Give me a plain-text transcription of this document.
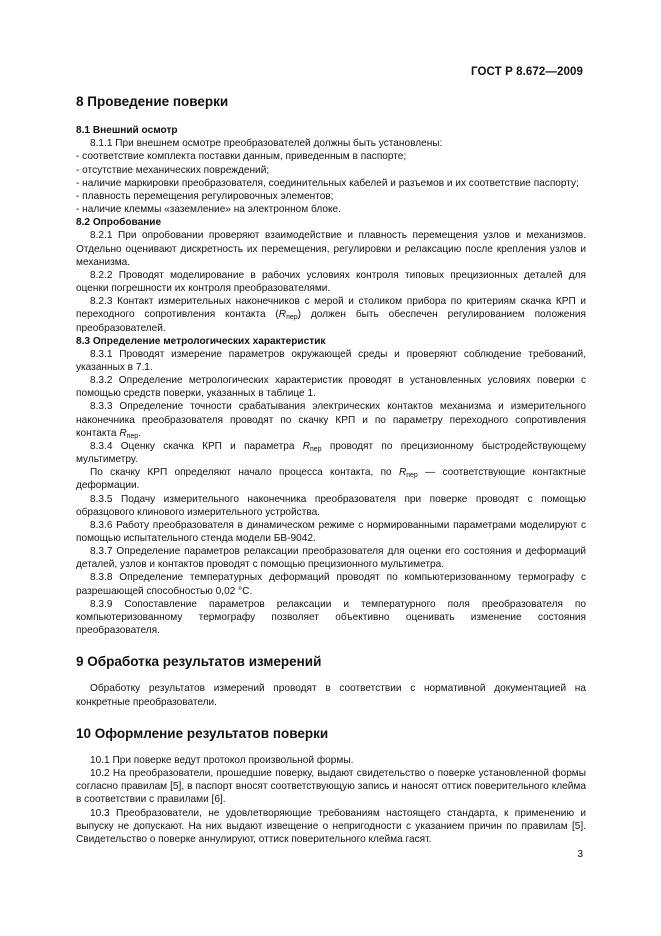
ГОСТ Р 8.672—2009

8 Проведение поверки

8.1 Внешний осмотр

8.1.1 При внешнем осмотре преобразователей должны быть установлены:

- соответствие комплекта поставки данным, приведенным в паспорте;

- отсутствие механических повреждений;

- наличие маркировки преобразователя, соединительных кабелей и разъемов и их соответствие паспорту;

- плавность перемещения регулировочных элементов;

- наличие клеммы «заземление» на электронном блоке.

8.2 Опробование

8.2.1 При опробовании проверяют взаимодействие и плавность перемещения узлов и механизмов. Отдельно оценивают дискретность их перемещения, регулировки и релаксацию после крепления узлов и механизма.

8.2.2 Проводят моделирование в рабочих условиях контроля типовых прецизионных деталей для оценки погрешности их контроля преобразователями.

8.2.3 Контакт измерительных наконечников с мерой и столиком прибора по критериям скачка КРП и переходного сопротивления контакта $(R_{пер})$ должен быть обеспечен регулированием положения преобразователей.

8.3 Определение метрологических характеристик

8.3.1 Проводят измерение параметров окружающей среды и проверяют соблюдение требований, указанных в 7.1.

8.3.2 Определение метрологических характеристик проводят в установленных условиях поверки с помощью средств поверки, указанных в таблице 1.

8.3.3 Определение точности срабатывания электрических контактов механизма и измерительного наконечника преобразователя проводят по скачку КРП и по параметру переходного сопротивления контакта $R_{пер}$.

8.3.4 Оценку скачка КРП и параметра $R_{пер}$ проводят по прецизионному быстродействующему мультиметру.

По скачку КРП определяют начало процесса контакта, по $R_{пер}$ — соответствующие контактные деформации.

8.3.5 Подачу измерительного наконечника преобразователя при поверке проводят с помощью образцового клинового измерительного устройства.

8.3.6 Работу преобразователя в динамическом режиме с нормированными параметрами моделируют с помощью испытательного стенда модели БВ-9042.

8.3.7 Определение параметров релаксации преобразователя для оценки его состояния и деформаций деталей, узлов и контактов проводят с помощью прецизионного мультиметра.

8.3.8 Определение температурных деформаций проводят по компьютеризованному термографу с разрешающей способностью 0,02 °С.

8.3.9 Сопоставление параметров релаксации и температурного поля преобразователя по компьютеризованному термографу позволяет объективно оценивать изменение состояния преобразователя.

9 Обработка результатов измерений

Обработку результатов измерений проводят в соответствии с нормативной документацией на конкретные преобразователи.

10 Оформление результатов поверки

10.1 При поверке ведут протокол произвольной формы.

10.2 На преобразователи, прошедшие поверку, выдают свидетельство о поверке установленной формы согласно правилам [5], в паспорт вносят соответствующую запись и наносят оттиск поверительного клейма в соответствии с правилами [6].

10.3 Преобразователи, не удовлетворяющие требованиям настоящего стандарта, к применению и выпуску не допускают. На них выдают извещение о непригодности с указанием причин по правилам [5]. Свидетельство о поверке аннулируют, оттиск поверительного клейма гасят.

3
